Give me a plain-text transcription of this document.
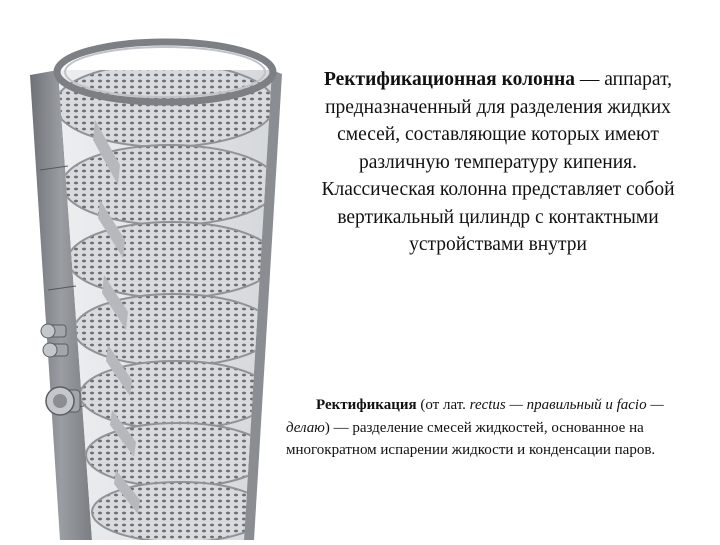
Ректификационная колонна — аппарат, предназначенный для разделения жидких смесей, составляющие которых имеют различную температуру кипения. Классическая колонна представляет собой вертикальный цилиндр с контактными устройствами внутри
Ректификация (от лат. rectus — правильный и facio — делаю) — разделение смесей жидкостей, основанное на многократном испарении жидкости и конденсации паров.
